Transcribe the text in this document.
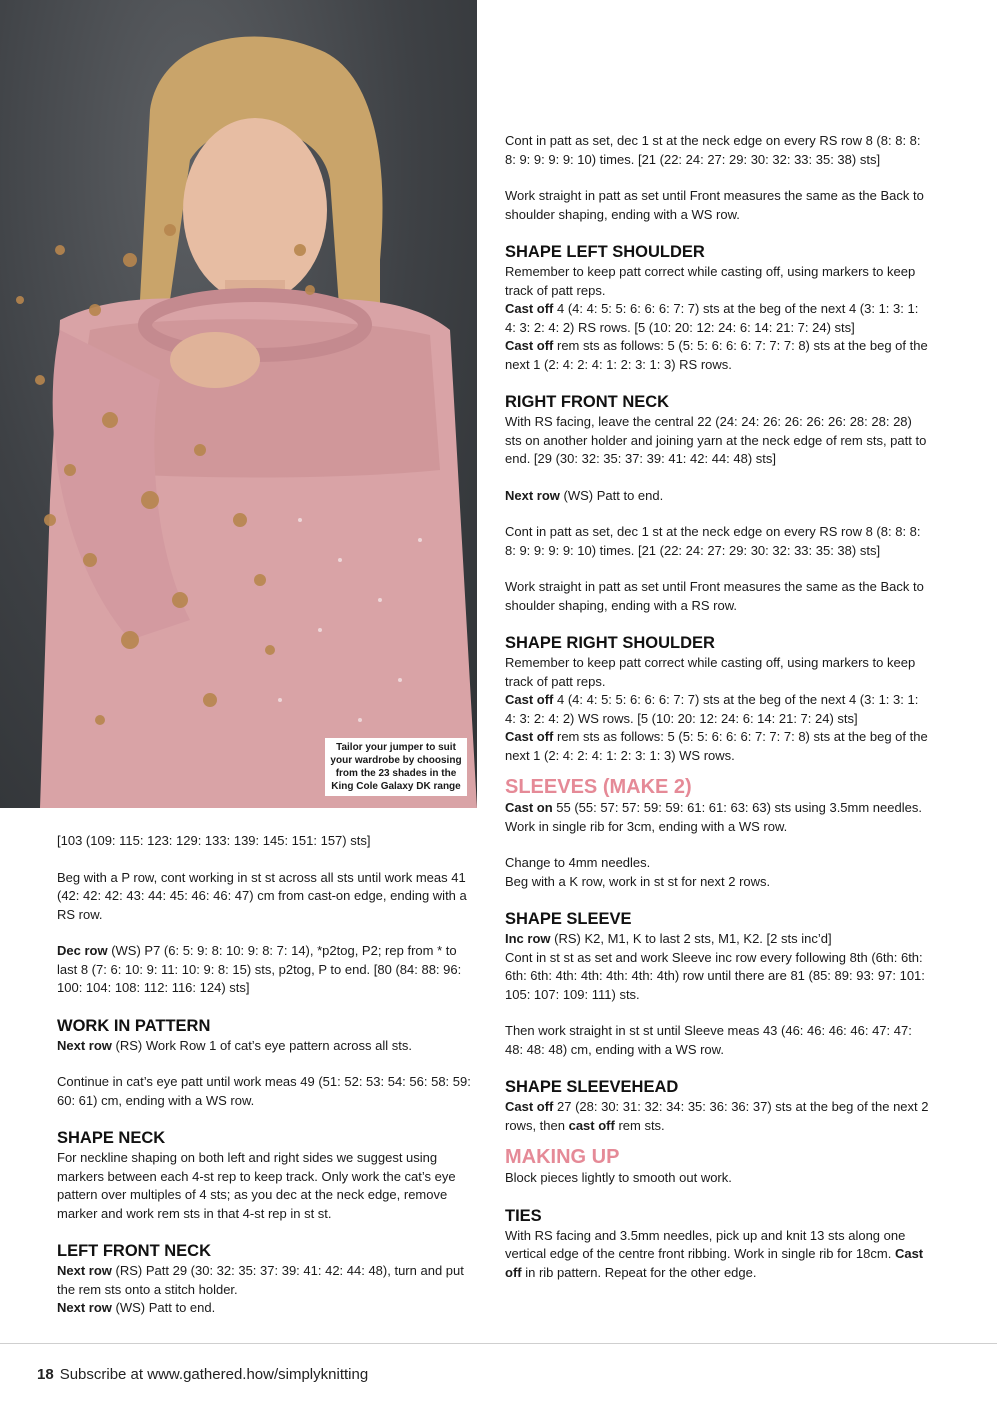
Tailor your jumper to suit your wardrobe by choosing from the 23 shades in the King Cole Galaxy DK range

[103 (109: 115: 123: 129: 133: 139: 145: 151: 157) sts]

Beg with a P row, cont working in st st across all sts until work meas 41 (42: 42: 42: 43: 44: 45: 46: 46: 47) cm from cast-on edge, ending with a RS row.

Dec row (WS) P7 (6: 5: 9: 8: 10: 9: 8: 7: 14), *p2tog, P2; rep from * to last 8 (7: 6: 10: 9: 11: 10: 9: 8: 15) sts, p2tog, P to end. [80 (84: 88: 96: 100: 104: 108: 112: 116: 124) sts]

WORK IN PATTERN

Next row (RS) Work Row 1 of cat’s eye pattern across all sts.

Continue in cat’s eye patt until work meas 49 (51: 52: 53: 54: 56: 58: 59: 60: 61) cm, ending with a WS row.

SHAPE NECK

For neckline shaping on both left and right sides we suggest using markers between each 4-st rep to keep track. Only work the cat’s eye pattern over multiples of 4 sts; as you dec at the neck edge, remove marker and work rem sts in that 4-st rep in st st.

LEFT FRONT NECK

Next row (RS) Patt 29 (30: 32: 35: 37: 39: 41: 42: 44: 48), turn and put the rem sts onto a stitch holder.

Next row (WS) Patt to end.

Cont in patt as set, dec 1 st at the neck edge on every RS row 8 (8: 8: 8: 8: 9: 9: 9: 9: 10) times. [21 (22: 24: 27: 29: 30: 32: 33: 35: 38) sts]

Work straight in patt as set until Front measures the same as the Back to shoulder shaping, ending with a WS row.

SHAPE LEFT SHOULDER

Remember to keep patt correct while casting off, using markers to keep track of patt reps.

Cast off 4 (4: 4: 5: 5: 6: 6: 6: 7: 7) sts at the beg of the next 4 (3: 1: 3: 1: 4: 3: 2: 4: 2) RS rows. [5 (10: 20: 12: 24: 6: 14: 21: 7: 24) sts]

Cast off rem sts as follows: 5 (5: 5: 6: 6: 6: 7: 7: 7: 8) sts at the beg of the next 1 (2: 4: 2: 4: 1: 2: 3: 1: 3) RS rows.

RIGHT FRONT NECK

With RS facing, leave the central 22 (24: 24: 26: 26: 26: 26: 28: 28: 28) sts on another holder and joining yarn at the neck edge of rem sts, patt to end. [29 (30: 32: 35: 37: 39: 41: 42: 44: 48) sts]

Next row (WS) Patt to end.

Cont in patt as set, dec 1 st at the neck edge on every RS row 8 (8: 8: 8: 8: 9: 9: 9: 9: 10) times. [21 (22: 24: 27: 29: 30: 32: 33: 35: 38) sts]

Work straight in patt as set until Front measures the same as the Back to shoulder shaping, ending with a RS row.

SHAPE RIGHT SHOULDER

Remember to keep patt correct while casting off, using markers to keep track of patt reps.

Cast off 4 (4: 4: 5: 5: 6: 6: 6: 7: 7) sts at the beg of the next 4 (3: 1: 3: 1: 4: 3: 2: 4: 2) WS rows. [5 (10: 20: 12: 24: 6: 14: 21: 7: 24) sts]

Cast off rem sts as follows: 5 (5: 5: 6: 6: 6: 7: 7: 7: 8) sts at the beg of the next 1 (2: 4: 2: 4: 1: 2: 3: 1: 3) WS rows.

SLEEVES (MAKE 2)

Cast on 55 (55: 57: 57: 59: 59: 61: 61: 63: 63) sts using 3.5mm needles.

Work in single rib for 3cm, ending with a WS row.

Change to 4mm needles.

Beg with a K row, work in st st for next 2 rows.

SHAPE SLEEVE

Inc row (RS) K2, M1, K to last 2 sts, M1, K2. [2 sts inc’d]

Cont in st st as set and work Sleeve inc row every following 8th (6th: 6th: 6th: 6th: 4th: 4th: 4th: 4th: 4th) row until there are 81 (85: 89: 93: 97: 101: 105: 107: 109: 111) sts.

Then work straight in st st until Sleeve meas 43 (46: 46: 46: 46: 47: 47: 48: 48: 48) cm, ending with a WS row.

SHAPE SLEEVEHEAD

Cast off 27 (28: 30: 31: 32: 34: 35: 36: 36: 37) sts at the beg of the next 2 rows, then cast off rem sts.

MAKING UP

Block pieces lightly to smooth out work.

TIES

With RS facing and 3.5mm needles, pick up and knit 13 sts along one vertical edge of the centre front ribbing. Work in single rib for 18cm. Cast off in rib pattern. Repeat for the other edge.

18 Subscribe at www.gathered.how/simplyknitting
